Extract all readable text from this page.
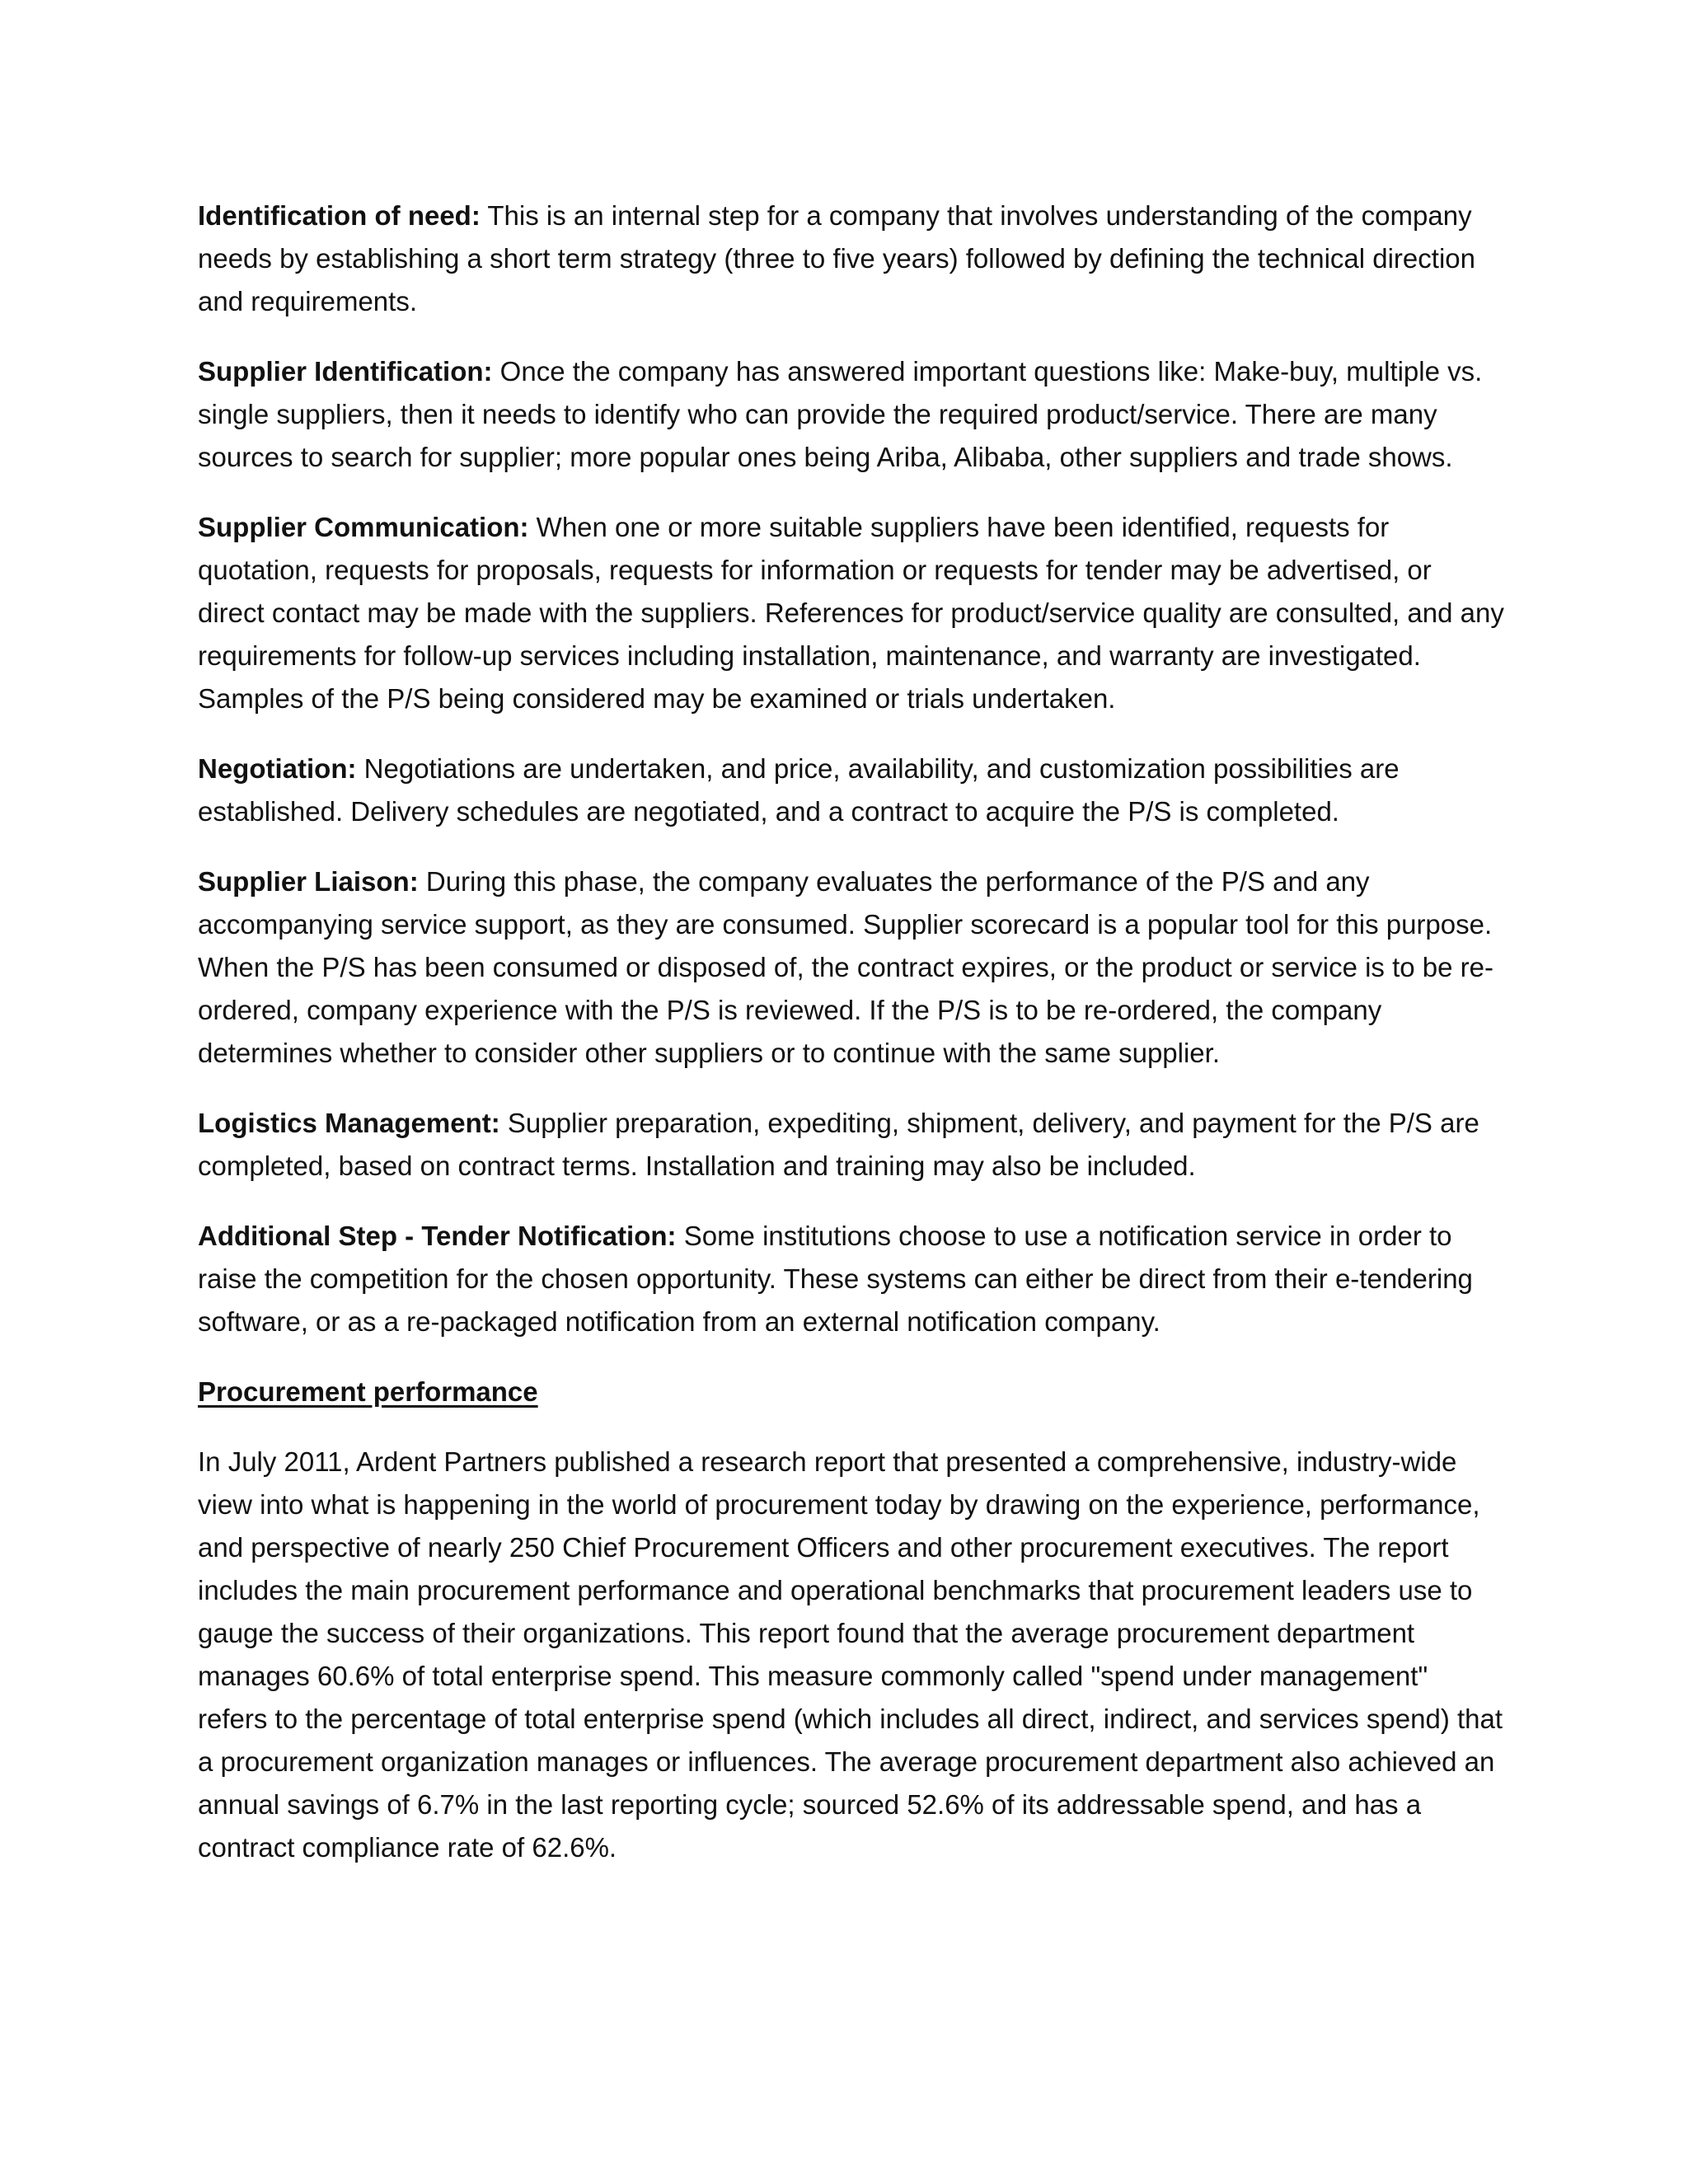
Identification of need: This is an internal step for a company that involves understanding of the company needs by establishing a short term strategy (three to five years) followed by defining the technical direction and requirements.

Supplier Identification: Once the company has answered important questions like: Make-buy, multiple vs. single suppliers, then it needs to identify who can provide the required product/service. There are many sources to search for supplier; more popular ones being Ariba, Alibaba, other suppliers and trade shows.

Supplier Communication: When one or more suitable suppliers have been identified, requests for quotation, requests for proposals, requests for information or requests for tender may be advertised, or direct contact may be made with the suppliers. References for product/service quality are consulted, and any requirements for follow-up services including installation, maintenance, and warranty are investigated. Samples of the P/S being considered may be examined or trials undertaken.

Negotiation: Negotiations are undertaken, and price, availability, and customization possibilities are established. Delivery schedules are negotiated, and a contract to acquire the P/S is completed.

Supplier Liaison: During this phase, the company evaluates the performance of the P/S and any accompanying service support, as they are consumed. Supplier scorecard is a popular tool for this purpose. When the P/S has been consumed or disposed of, the contract expires, or the product or service is to be re-ordered, company experience with the P/S is reviewed. If the P/S is to be re-ordered, the company determines whether to consider other suppliers or to continue with the same supplier.

Logistics Management: Supplier preparation, expediting, shipment, delivery, and payment for the P/S are completed, based on contract terms. Installation and training may also be included.

Additional Step - Tender Notification: Some institutions choose to use a notification service in order to raise the competition for the chosen opportunity. These systems can either be direct from their e-tendering software, or as a re-packaged notification from an external notification company.

Procurement performance

In July 2011, Ardent Partners published a research report that presented a comprehensive, industry-wide view into what is happening in the world of procurement today by drawing on the experience, performance, and perspective of nearly 250 Chief Procurement Officers and other procurement executives. The report includes the main procurement performance and operational benchmarks that procurement leaders use to gauge the success of their organizations. This report found that the average procurement department manages 60.6% of total enterprise spend. This measure commonly called "spend under management" refers to the percentage of total enterprise spend (which includes all direct, indirect, and services spend) that a procurement organization manages or influences. The average procurement department also achieved an annual savings of 6.7% in the last reporting cycle; sourced 52.6% of its addressable spend, and has a contract compliance rate of 62.6%.
